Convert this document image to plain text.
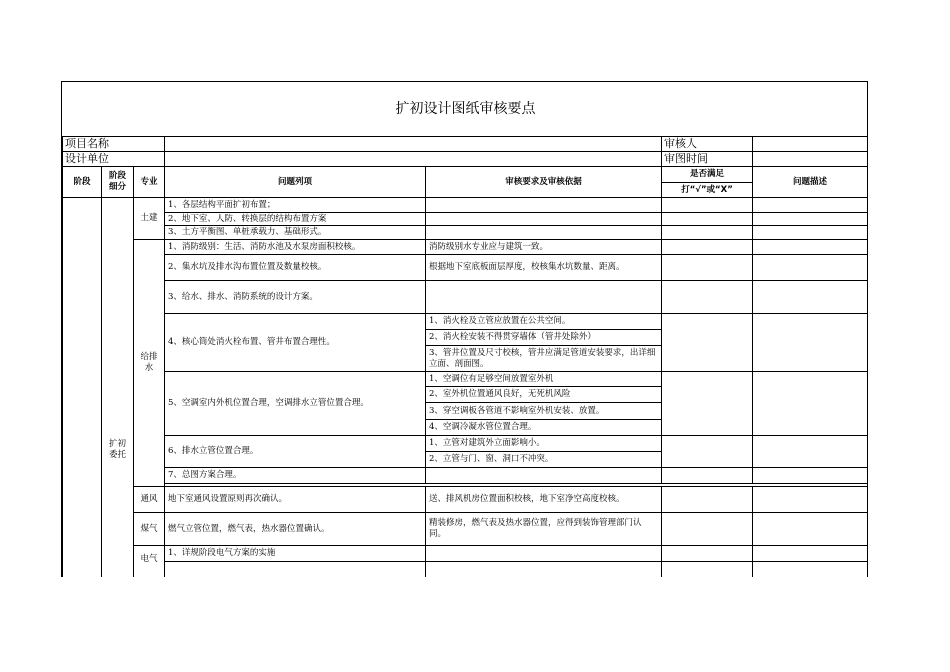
扩初设计图纸审核要点
项目名称					审核人	
设计单位					审图时间	
阶段	阶段细分	专业	问题列项	审核要求及审核依据	是否满足	问题描述
					打“√”或“X”	
	扩初委托	土建	1、各层结构平面扩初布置；			
			2、地下室、人防、转换层的结构布置方案			
			3、土方平衡图、单桩承载力、基础形式。			
		给排水	1、消防级别：生活、消防水池及水泵房面积校核。	消防级别水专业应与建筑一致。		
			2、集水坑及排水沟布置位置及数量校核。	根据地下室底板面层厚度，校核集水坑数量、距离。		
			3、给水、排水、消防系统的设计方案。			
			4、核心筒处消火栓布置、管井布置合理性。	1、消火栓及立管应放置在公共空间。		
				2、消火栓安装不得贯穿墙体（管井处除外）		
				3、管井位置及尺寸校核，管井应满足管道安装要求，出详细立面、剖面图。		
			5、空调室内外机位置合理，空调排水立管位置合理。	1、空调位有足够空间放置室外机		
				2、室外机位置通风良好，无死机风险		
				3、穿空调板各管道不影响室外机安装、放置。		
				4、空调冷凝水管位置合理。		
			6、排水立管位置合理。	1、立管对建筑外立面影响小。		
				2、立管与门、窗、洞口不冲突。		
			7、总图方案合理。			

		通风	地下室通风设置原则再次确认。	送、排风机房位置面积校核，地下室净空高度校核。		
		煤气	燃气立管位置，燃气表，热水器位置确认。	精装修房，燃气表及热水器位置，应得到装饰管理部门认同。		
		电气	1、详规阶段电气方案的实施			
